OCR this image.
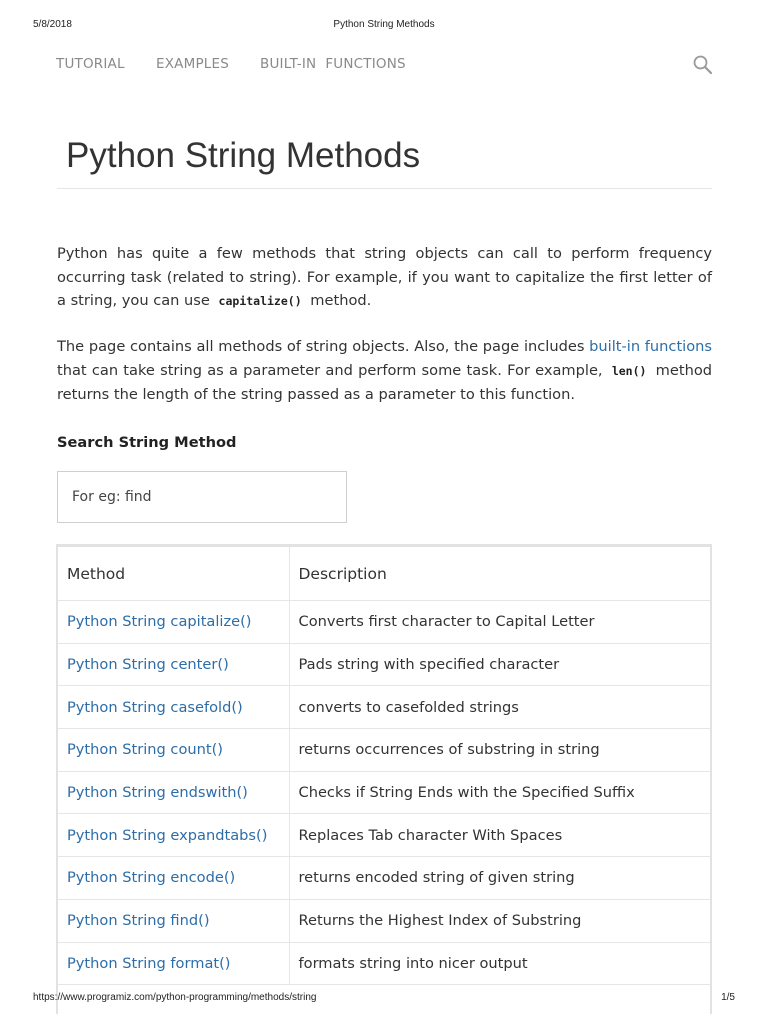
5/8/2018	Python String Methods
TUTORIAL EXAMPLES BUILT-IN  FUNCTIONS
Python String Methods

Python has quite a few methods that string objects can call to perform frequency occurring task (related to string). For example, if you want to capitalize the first letter of a string, you can use capitalize() method.

The page contains all methods of string objects. Also, the page includes built-in functions that can take string as a parameter and perform some task. For example, len() method returns the length of the string passed as a parameter to this function.

Search String Method
For eg: find
Method	Description
Python String capitalize()	Converts first character to Capital Letter
Python String center()	Pads string with specified character
Python String casefold()	converts to casefolded strings
Python String count()	returns occurrences of substring in string
Python String endswith()	Checks if String Ends with the Specified Suffix
Python String expandtabs()	Replaces Tab character With Spaces
Python String encode()	returns encoded string of given string
Python String find()	Returns the Highest Index of Substring
Python String format()	formats string into nicer output
https://www.programiz.com/python-programming/methods/string	1/5
